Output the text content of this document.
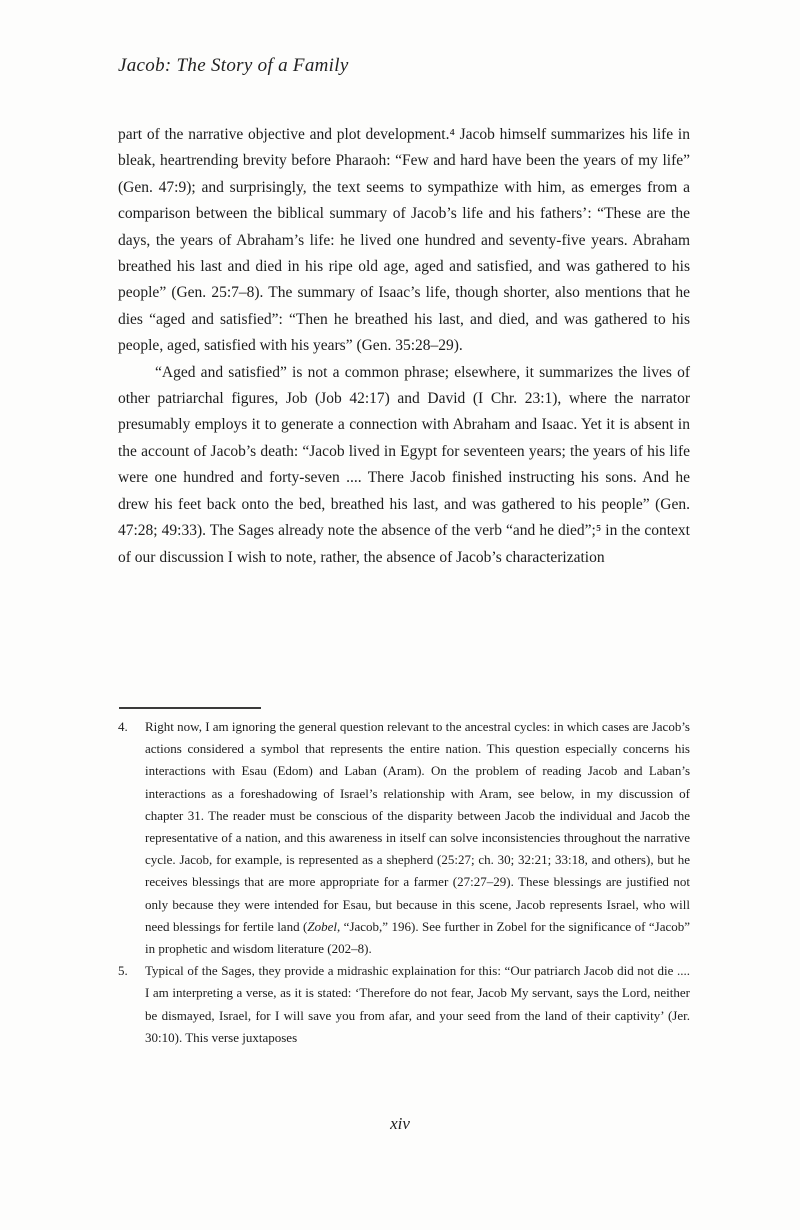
Jacob: The Story of a Family

part of the narrative objective and plot development.⁴ Jacob himself summarizes his life in bleak, heartrending brevity before Pharaoh: “Few and hard have been the years of my life” (Gen. 47:9); and surprisingly, the text seems to sympathize with him, as emerges from a comparison between the biblical summary of Jacob’s life and his fathers’: “These are the days, the years of Abraham’s life: he lived one hundred and seventy-five years. Abraham breathed his last and died in his ripe old age, aged and satisfied, and was gathered to his people” (Gen. 25:7–8). The summary of Isaac’s life, though shorter, also mentions that he dies “aged and satisfied”: “Then he breathed his last, and died, and was gathered to his people, aged, satisfied with his years” (Gen. 35:28–29).

“Aged and satisfied” is not a common phrase; elsewhere, it summarizes the lives of other patriarchal figures, Job (Job 42:17) and David (I Chr. 23:1), where the narrator presumably employs it to generate a connection with Abraham and Isaac. Yet it is absent in the account of Jacob’s death: “Jacob lived in Egypt for seventeen years; the years of his life were one hundred and forty-seven .... There Jacob finished instructing his sons. And he drew his feet back onto the bed, breathed his last, and was gathered to his people” (Gen. 47:28; 49:33). The Sages already note the absence of the verb “and he died”;⁵ in the context of our discussion I wish to note, rather, the absence of Jacob’s characterization

4.	Right now, I am ignoring the general question relevant to the ancestral cycles: in which cases are Jacob’s actions considered a symbol that represents the entire nation. This question especially concerns his interactions with Esau (Edom) and Laban (Aram). On the problem of reading Jacob and Laban’s interactions as a foreshadowing of Israel’s relationship with Aram, see below, in my discussion of chapter 31. The reader must be conscious of the disparity between Jacob the individual and Jacob the representative of a nation, and this awareness in itself can solve inconsistencies throughout the narrative cycle. Jacob, for example, is represented as a shepherd (25:27; ch. 30; 32:21; 33:18, and others), but he receives blessings that are more appropriate for a farmer (27:27–29). These blessings are justified not only because they were intended for Esau, but because in this scene, Jacob represents Israel, who will need blessings for fertile land (Zobel, “Jacob,” 196). See further in Zobel for the significance of “Jacob” in prophetic and wisdom literature (202–8).
5.	Typical of the Sages, they provide a midrashic explaination for this: “Our patriarch Jacob did not die .... I am interpreting a verse, as it is stated: ‘Therefore do not fear, Jacob My servant, says the Lord, neither be dismayed, Israel, for I will save you from afar, and your seed from the land of their captivity’ (Jer. 30:10). This verse juxtaposes
xiv
